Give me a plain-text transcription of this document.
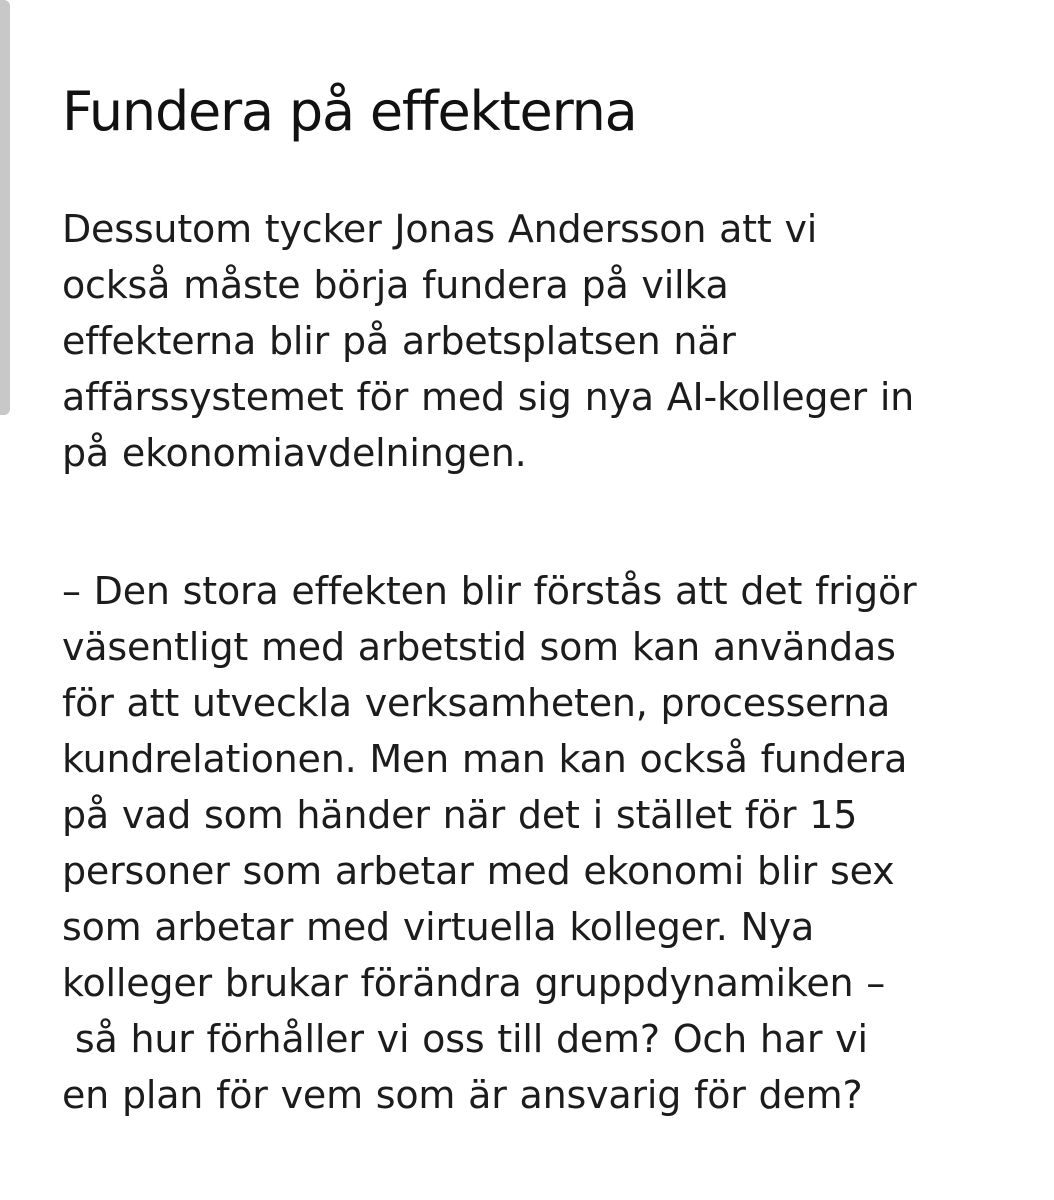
Fundera på effekterna

Dessutom tycker Jonas Andersson att vi
också måste börja fundera på vilka
effekterna blir på arbetsplatsen när
affärssystemet för med sig nya AI-kolleger in
på ekonomiavdelningen.

– Den stora effekten blir förstås att det frigör
väsentligt med arbetstid som kan användas
för att utveckla verksamheten, processerna
kundrelationen. Men man kan också fundera
på vad som händer när det i stället för 15
personer som arbetar med ekonomi blir sex
som arbetar med virtuella kolleger. Nya
kolleger brukar förändra gruppdynamiken –
så hur förhåller vi oss till dem? Och har vi
en plan för vem som är ansvarig för dem?
